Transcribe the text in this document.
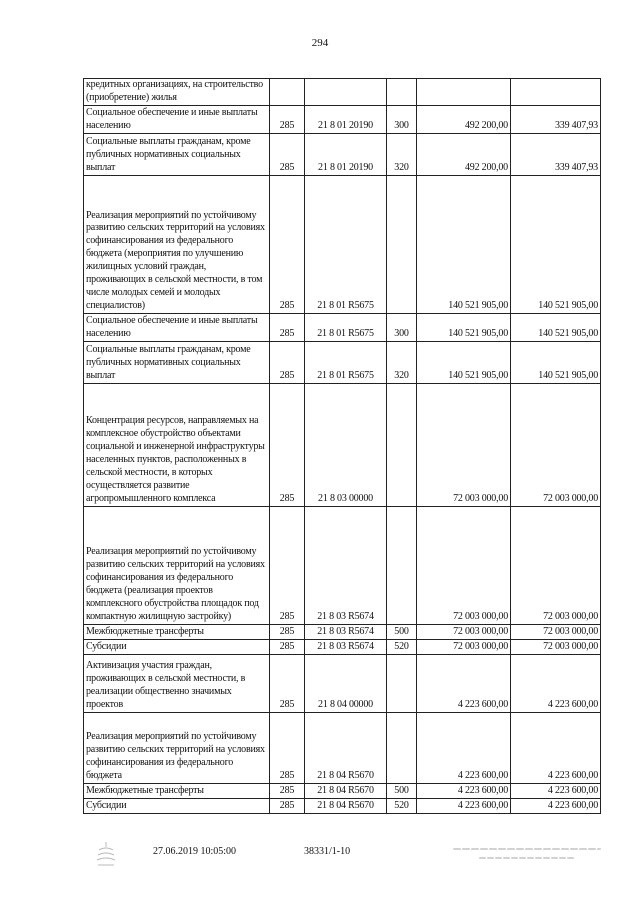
294
кредитных организациях, на строительство (приобретение) жилья					
Социальное обеспечение и иные выплаты населению	285	21 8 01 20190	300	492 200,00	339 407,93
Социальные выплаты гражданам, кроме публичных нормативных социальных выплат	285	21 8 01 20190	320	492 200,00	339 407,93
Реализация мероприятий по устойчивому развитию сельских территорий на условиях софинансирования из федерального бюджета (мероприятия по улучшению жилищных условий граждан, проживающих в сельской местности, в том числе молодых семей и молодых специалистов)	285	21 8 01 R5675		140 521 905,00	140 521 905,00
Социальное обеспечение и иные выплаты населению	285	21 8 01 R5675	300	140 521 905,00	140 521 905,00
Социальные выплаты гражданам, кроме публичных нормативных социальных выплат	285	21 8 01 R5675	320	140 521 905,00	140 521 905,00
Концентрация ресурсов, направляемых на комплексное обустройство объектами социальной и инженерной инфраструктуры населенных пунктов, расположенных в сельской местности, в которых осуществляется развитие агропромышленного комплекса	285	21 8 03 00000		72 003 000,00	72 003 000,00
Реализация мероприятий по устойчивому развитию сельских территорий на условиях софинансирования из федерального бюджета (реализация проектов комплексного обустройства площадок под компактную жилищную застройку)	285	21 8 03 R5674		72 003 000,00	72 003 000,00
Межбюджетные трансферты	285	21 8 03 R5674	500	72 003 000,00	72 003 000,00
Субсидии	285	21 8 03 R5674	520	72 003 000,00	72 003 000,00
Активизация участия граждан, проживающих в сельской местности, в реализации общественно значимых проектов	285	21 8 04 00000		4 223 600,00	4 223 600,00
Реализация мероприятий по устойчивому развитию сельских территорий на условиях софинансирования из федерального бюджета	285	21 8 04 R5670		4 223 600,00	4 223 600,00
Межбюджетные трансферты	285	21 8 04 R5670	500	4 223 600,00	4 223 600,00
Субсидии	285	21 8 04 R5670	520	4 223 600,00	4 223 600,00
27.06.2019 10:05:00	38331/1-10
